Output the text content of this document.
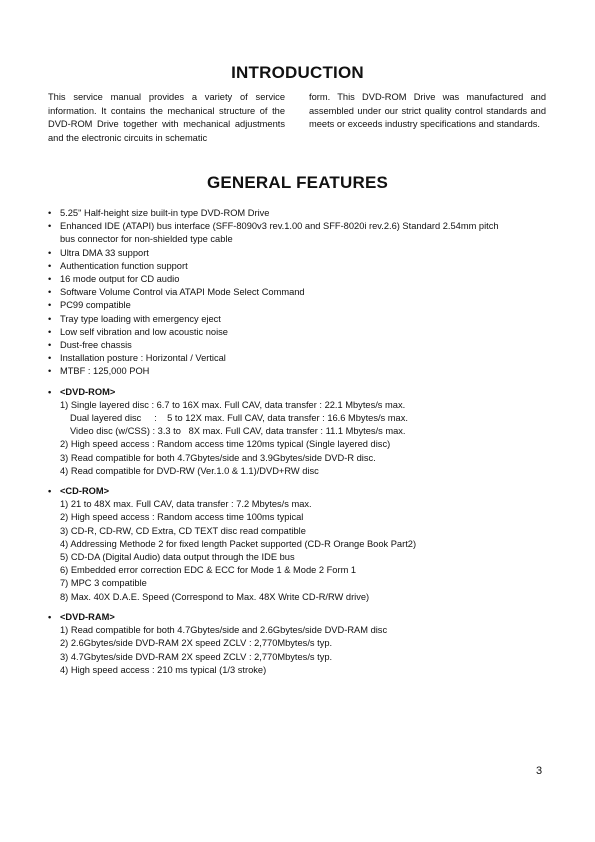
INTRODUCTION
This service manual provides a variety of service information. It contains the mechanical structure of the DVD-ROM Drive together with mechanical adjustments and the electronic circuits in schematic
form. This DVD-ROM Drive was manufactured and assembled under our strict quality control standards and meets or exceeds industry specifications and standards.
GENERAL FEATURES
• 5.25" Half-height size built-in type DVD-ROM Drive
• Enhanced IDE (ATAPI) bus interface (SFF-8090v3 rev.1.00 and SFF-8020i rev.2.6) Standard 2.54mm pitch
bus connector for non-shielded type cable
• Ultra DMA 33 support
• Authentication function support
• 16 mode output for CD audio
• Software Volume Control via ATAPI Mode Select Command
• PC99 compatible
• Tray type loading with emergency eject
• Low self vibration and low acoustic noise
• Dust-free chassis
• Installation posture : Horizontal / Vertical
• MTBF : 125,000 POH
• <DVD-ROM>
1) Single layered disc : 6.7 to 16X max. Full CAV, data transfer : 22.1 Mbytes/s max.
Dual layered disc     :    5 to 12X max. Full CAV, data transfer : 16.6 Mbytes/s max.
Video disc (w/CSS) : 3.3 to   8X max. Full CAV, data transfer : 11.1 Mbytes/s max.
2) High speed access : Random access time 120ms typical (Single layered disc)
3) Read compatible for both 4.7Gbytes/side and 3.9Gbytes/side DVD-R disc.
4) Read compatible for DVD-RW (Ver.1.0 & 1.1)/DVD+RW disc
• <CD-ROM>
1) 21 to 48X max. Full CAV, data transfer : 7.2 Mbytes/s max.
2) High speed access : Random access time 100ms typical
3) CD-R, CD-RW, CD Extra, CD TEXT disc read compatible
4) Addressing Methode 2 for fixed length Packet supported (CD-R Orange Book Part2)
5) CD-DA (Digital Audio) data output through the IDE bus
6) Embedded error correction EDC & ECC for Mode 1 & Mode 2 Form 1
7) MPC 3 compatible
8) Max. 40X D.A.E. Speed (Correspond to Max. 48X Write CD-R/RW drive)
• <DVD-RAM>
1) Read compatible for both 4.7Gbytes/side and 2.6Gbytes/side DVD-RAM disc
2) 2.6Gbytes/side DVD-RAM 2X speed ZCLV : 2,770Mbytes/s typ.
3) 4.7Gbytes/side DVD-RAM 2X speed ZCLV : 2,770Mbytes/s typ.
4) High speed access : 210 ms typical (1/3 stroke)
3
